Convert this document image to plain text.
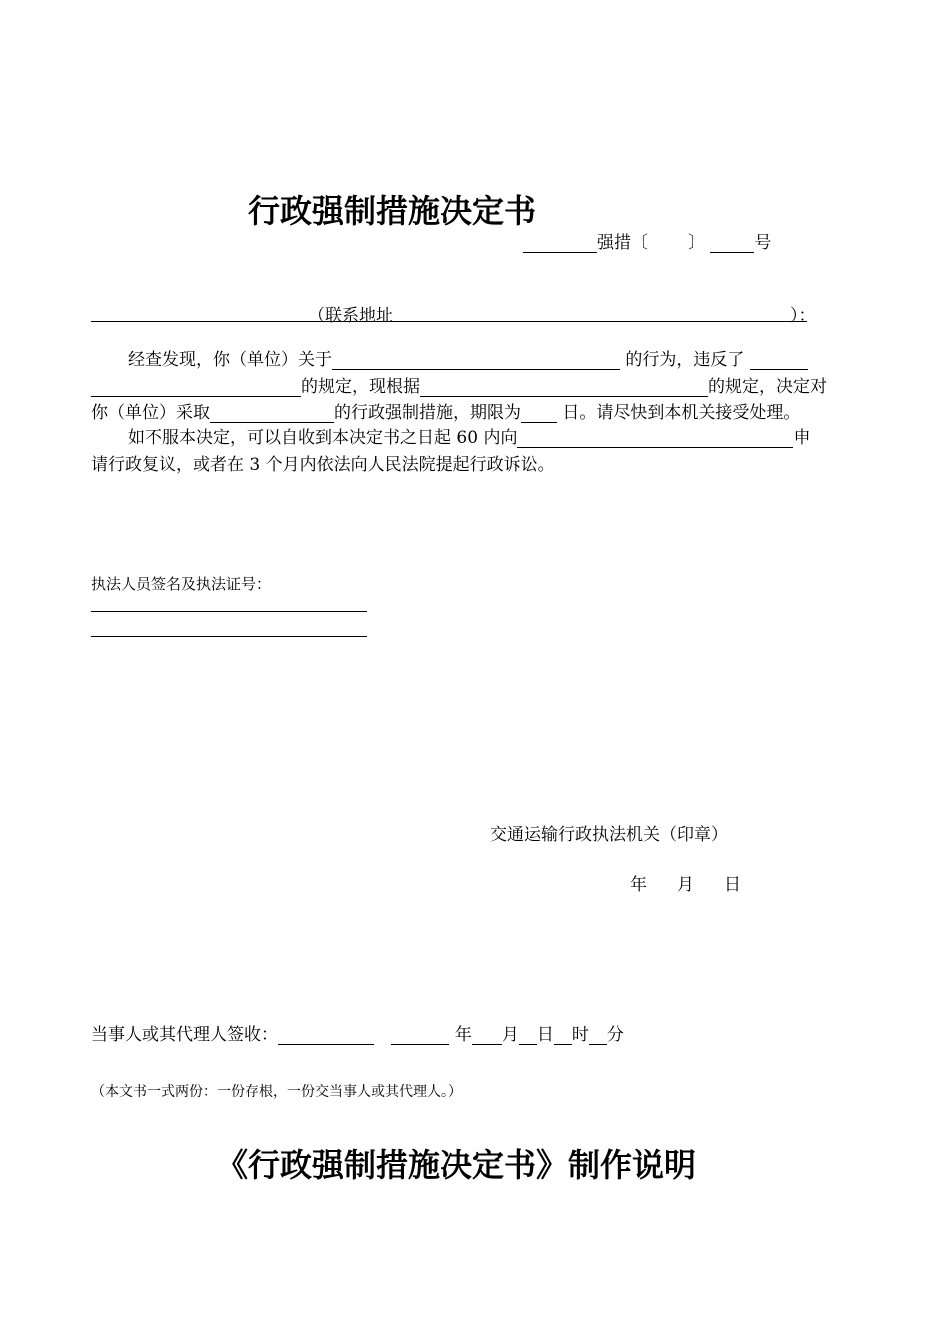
行政强制措施决定书
强措〔 〕	号
（联系地址	）：
经查发现，你（单位）关于	的行为，违反了
的规定，现根据	的规定，决定对
你（单位）采取	的行政强制措施，期限为 日。请尽快到本机关接受处理。
如不服本决定，可以自收到本决定书之日起 60 内向	申
请行政复议，或者在 3 个月内依法向人民法院提起行政诉讼。
执法人员签名及执法证号：
交通运输行政执法机关（印章）
年 月 日
当事人或其代理人签收：	年 月 日 时 分
（本文书一式两份：一份存根，一份交当事人或其代理人。）
《行政强制措施决定书》制作说明
